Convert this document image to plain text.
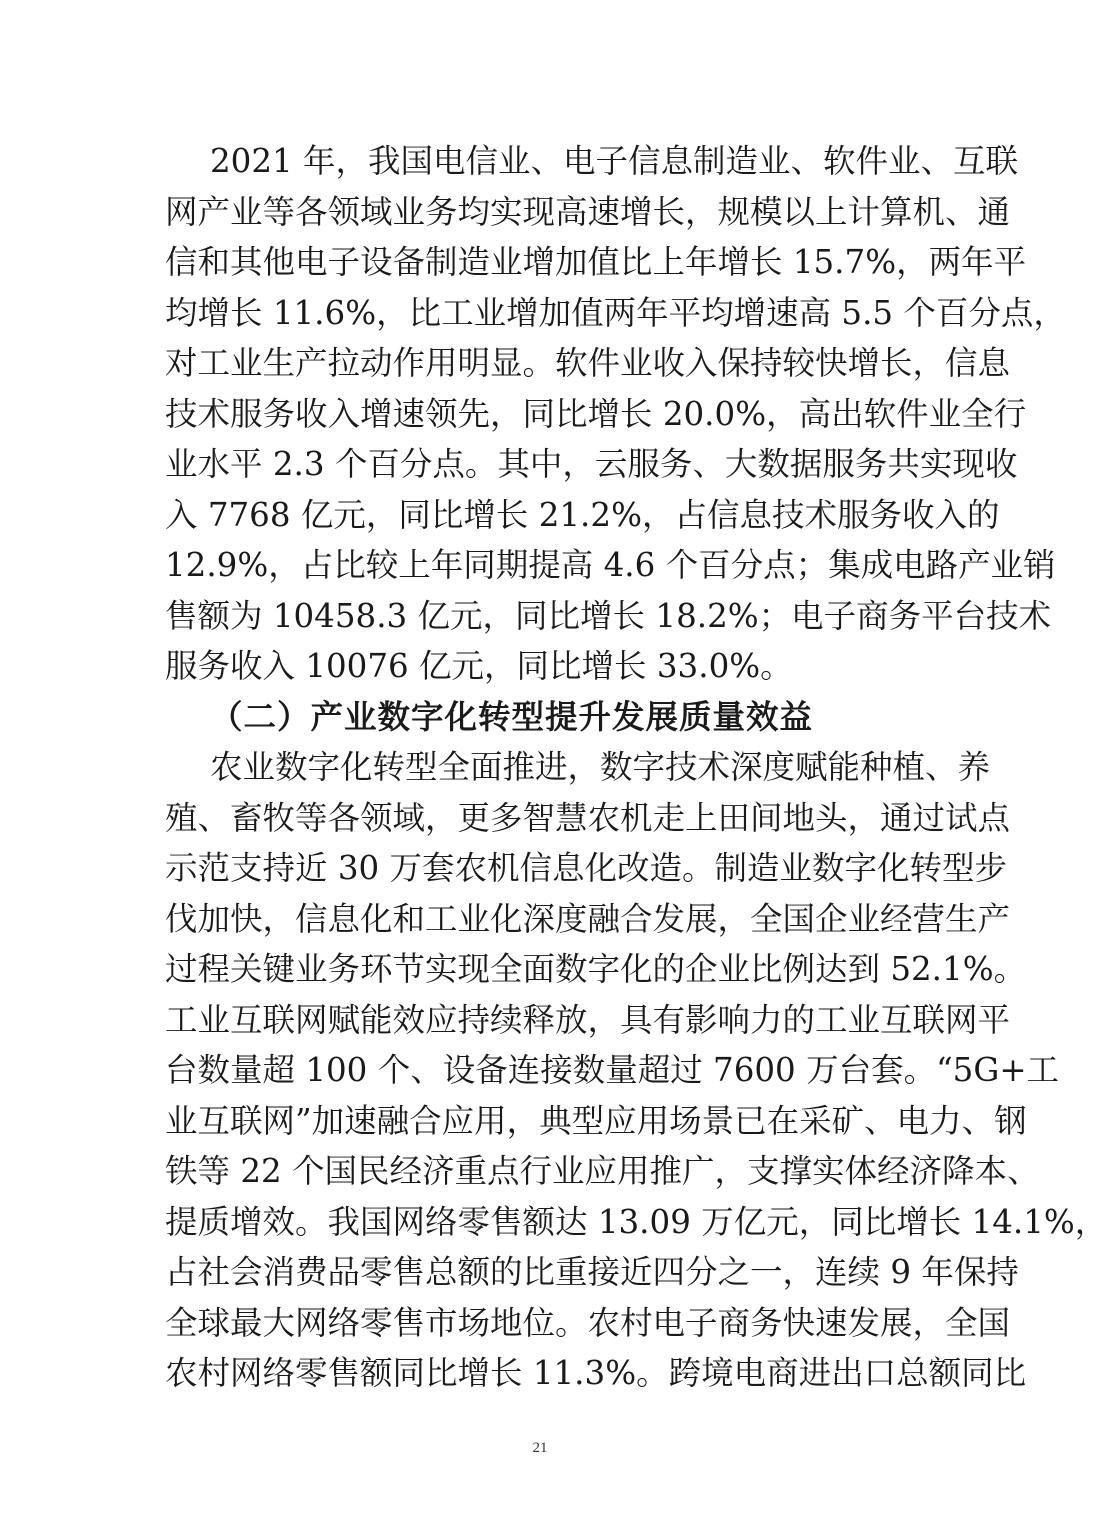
2021 年，我国电信业、电子信息制造业、软件业、互联
网产业等各领域业务均实现高速增长，规模以上计算机、通
信和其他电子设备制造业增加值比上年增长 15.7%，两年平
均增长 11.6%，比工业增加值两年平均增速高 5.5 个百分点，
对工业生产拉动作用明显。软件业收入保持较快增长，信息
技术服务收入增速领先，同比增长 20.0%，高出软件业全行
业水平 2.3 个百分点。其中，云服务、大数据服务共实现收
入 7768 亿元，同比增长 21.2%，占信息技术服务收入的
12.9%，占比较上年同期提高 4.6 个百分点；集成电路产业销
售额为 10458.3 亿元，同比增长 18.2%；电子商务平台技术
服务收入 10076 亿元，同比增长 33.0%。
（二）产业数字化转型提升发展质量效益
农业数字化转型全面推进，数字技术深度赋能种植、养
殖、畜牧等各领域，更多智慧农机走上田间地头，通过试点
示范支持近 30 万套农机信息化改造。制造业数字化转型步
伐加快，信息化和工业化深度融合发展，全国企业经营生产
过程关键业务环节实现全面数字化的企业比例达到 52.1%。
工业互联网赋能效应持续释放，具有影响力的工业互联网平
台数量超 100 个、设备连接数量超过 7600 万台套。“5G+工
业互联网”加速融合应用，典型应用场景已在采矿、电力、钢
铁等 22 个国民经济重点行业应用推广，支撑实体经济降本、
提质增效。我国网络零售额达 13.09 万亿元，同比增长 14.1%，
占社会消费品零售总额的比重接近四分之一，连续 9 年保持
全球最大网络零售市场地位。农村电子商务快速发展，全国
农村网络零售额同比增长 11.3%。跨境电商进出口总额同比
21
